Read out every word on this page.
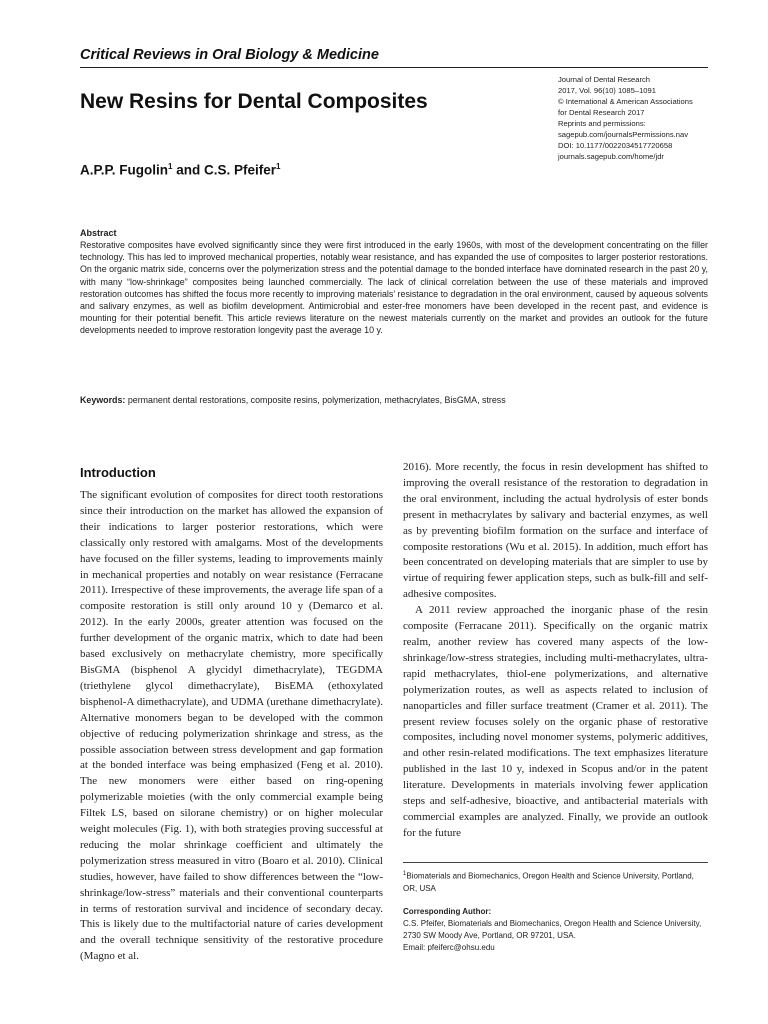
Critical Reviews in Oral Biology & Medicine
New Resins for Dental Composites
A.P.P. Fugolin$^1$ and C.S. Pfeifer$^1$
Journal of Dental Research
2017, Vol. 96(10) 1085–1091
© International & American Associations
for Dental Research 2017
Reprints and permissions:
sagepub.com/journalsPermissions.nav
DOI: 10.1177/0022034517720658
journals.sagepub.com/home/jdr
Abstract
Restorative composites have evolved significantly since they were first introduced in the early 1960s, with most of the development concentrating on the filler technology. This has led to improved mechanical properties, notably wear resistance, and has expanded the use of composites to larger posterior restorations. On the organic matrix side, concerns over the polymerization stress and the potential damage to the bonded interface have dominated research in the past 20 y, with many “low-shrinkage” composites being launched commercially. The lack of clinical correlation between the use of these materials and improved restoration outcomes has shifted the focus more recently to improving materials’ resistance to degradation in the oral environment, caused by aqueous solvents and salivary enzymes, as well as biofilm development. Antimicrobial and ester-free monomers have been developed in the recent past, and evidence is mounting for their potential benefit. This article reviews literature on the newest materials currently on the market and provides an outlook for the future developments needed to improve restoration longevity past the average 10 y.
Keywords: permanent dental restorations, composite resins, polymerization, methacrylates, BisGMA, stress
Introduction

The significant evolution of composites for direct tooth restorations since their introduction on the market has allowed the expansion of their indications to larger posterior restorations, which were classically only restored with amalgams. Most of the developments have focused on the filler systems, leading to improvements mainly in mechanical properties and notably on wear resistance (Ferracane 2011). Irrespective of these improvements, the average life span of a composite restoration is still only around 10 y (Demarco et al. 2012). In the early 2000s, greater attention was focused on the further development of the organic matrix, which to date had been based exclusively on methacrylate chemistry, more specifically BisGMA (bisphenol A glycidyl dimethacrylate), TEGDMA (triethylene glycol dimethacrylate), BisEMA (ethoxylated bisphenol-A dimethacrylate), and UDMA (urethane dimethacrylate). Alternative monomers began to be developed with the common objective of reducing polymerization shrinkage and stress, as the possible association between stress development and gap formation at the bonded interface was being emphasized (Feng et al. 2010). The new monomers were either based on ring-opening polymerizable moieties (with the only commercial example being Filtek LS, based on silorane chemistry) or on higher molecular weight molecules (Fig. 1), with both strategies proving successful at reducing the molar shrinkage coefficient and ultimately the polymerization stress measured in vitro (Boaro et al. 2010). Clinical studies, however, have failed to show differences between the “low-shrinkage/low-stress” materials and their conventional counterparts in terms of restoration survival and incidence of secondary decay. This is likely due to the multifactorial nature of caries development and the overall technique sensitivity of the restorative procedure (Magno et al.

2016). More recently, the focus in resin development has shifted to improving the overall resistance of the restoration to degradation in the oral environment, including the actual hydrolysis of ester bonds present in methacrylates by salivary and bacterial enzymes, as well as by preventing biofilm formation on the surface and interface of composite restorations (Wu et al. 2015). In addition, much effort has been concentrated on developing materials that are simpler to use by virtue of requiring fewer application steps, such as bulk-fill and self-adhesive composites.

A 2011 review approached the inorganic phase of the resin composite (Ferracane 2011). Specifically on the organic matrix realm, another review has covered many aspects of the low-shrinkage/low-stress strategies, including multi-methacrylates, ultra-rapid methacrylates, thiol-ene polymerizations, and alternative polymerization routes, as well as aspects related to inclusion of nanoparticles and filler surface treatment (Cramer et al. 2011). The present review focuses solely on the organic phase of restorative composites, including novel monomer systems, polymeric additives, and other resin-related modifications. The text emphasizes literature published in the last 10 y, indexed in Scopus and/or in the patent literature. Developments in materials involving fewer application steps and self-adhesive, bioactive, and antibacterial materials with commercial examples are analyzed. Finally, we provide an outlook for the future

$^1$Biomaterials and Biomechanics, Oregon Health and Science University, Portland, OR, USA
Corresponding Author:
C.S. Pfeifer, Biomaterials and Biomechanics, Oregon Health and Science University, 2730 SW Moody Ave, Portland, OR 97201, USA.
Email: pfeiferc@ohsu.edu
